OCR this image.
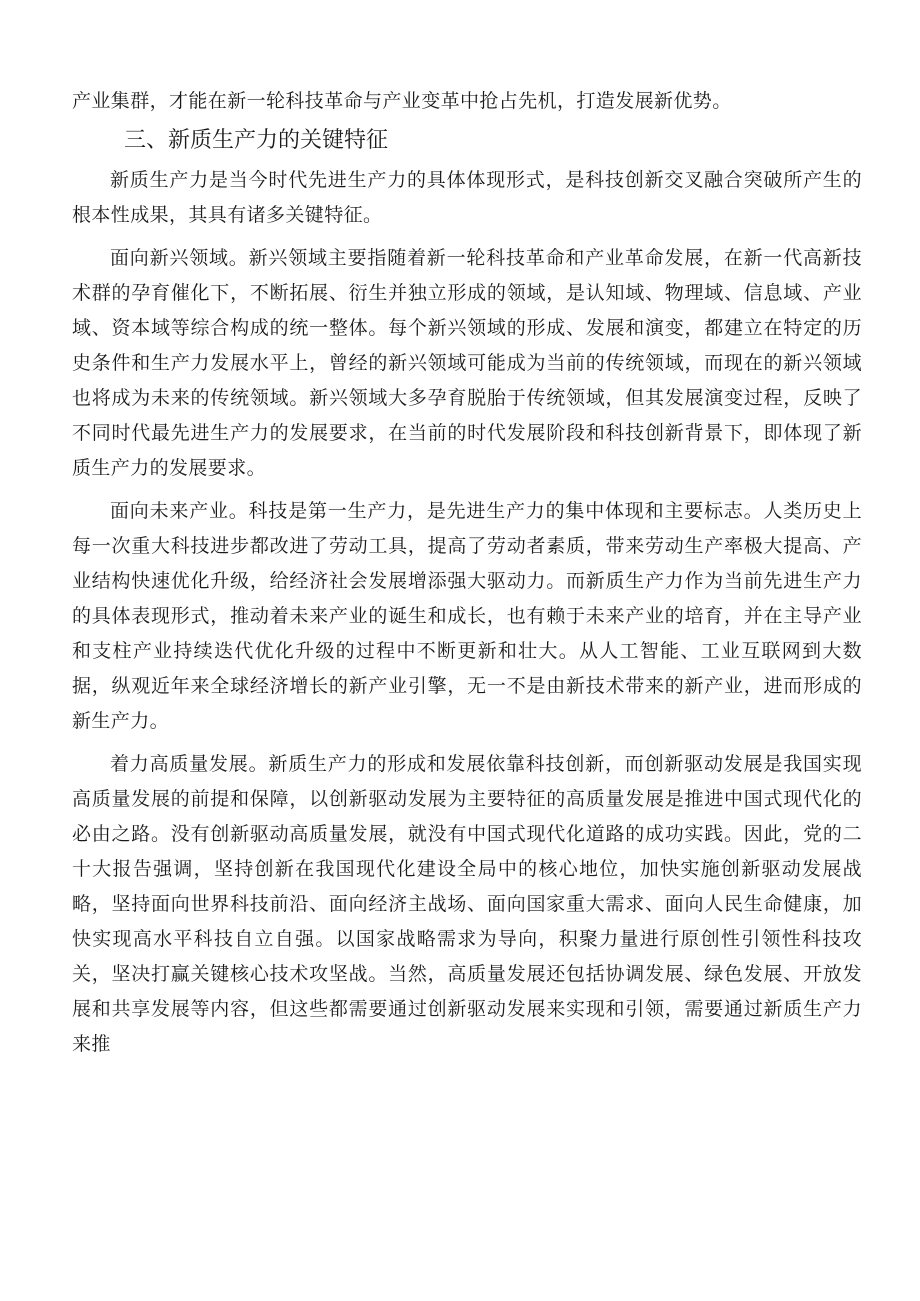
产业集群，才能在新一轮科技革命与产业变革中抢占先机，打造发展新优势。

三、新质生产力的关键特征

新质生产力是当今时代先进生产力的具体体现形式，是科技创新交叉融合突破所产生的根本性成果，其具有诸多关键特征。

面向新兴领域。新兴领域主要指随着新一轮科技革命和产业革命发展，在新一代高新技术群的孕育催化下，不断拓展、衍生并独立形成的领域，是认知域、物理域、信息域、产业域、资本域等综合构成的统一整体。每个新兴领域的形成、发展和演变，都建立在特定的历史条件和生产力发展水平上，曾经的新兴领域可能成为当前的传统领域，而现在的新兴领域也将成为未来的传统领域。新兴领域大多孕育脱胎于传统领域，但其发展演变过程，反映了不同时代最先进生产力的发展要求，在当前的时代发展阶段和科技创新背景下，即体现了新质生产力的发展要求。

面向未来产业。科技是第一生产力，是先进生产力的集中体现和主要标志。人类历史上每一次重大科技进步都改进了劳动工具，提高了劳动者素质，带来劳动生产率极大提高、产业结构快速优化升级，给经济社会发展增添强大驱动力。而新质生产力作为当前先进生产力的具体表现形式，推动着未来产业的诞生和成长，也有赖于未来产业的培育，并在主导产业和支柱产业持续迭代优化升级的过程中不断更新和壮大。从人工智能、工业互联网到大数据，纵观近年来全球经济增长的新产业引擎，无一不是由新技术带来的新产业，进而形成的新生产力。

着力高质量发展。新质生产力的形成和发展依靠科技创新，而创新驱动发展是我国实现高质量发展的前提和保障，以创新驱动发展为主要特征的高质量发展是推进中国式现代化的必由之路。没有创新驱动高质量发展，就没有中国式现代化道路的成功实践。因此，党的二十大报告强调，坚持创新在我国现代化建设全局中的核心地位，加快实施创新驱动发展战略，坚持面向世界科技前沿、面向经济主战场、面向国家重大需求、面向人民生命健康，加快实现高水平科技自立自强。以国家战略需求为导向，积聚力量进行原创性引领性科技攻关，坚决打赢关键核心技术攻坚战。当然，高质量发展还包括协调发展、绿色发展、开放发展和共享发展等内容，但这些都需要通过创新驱动发展来实现和引领，需要通过新质生产力来推
